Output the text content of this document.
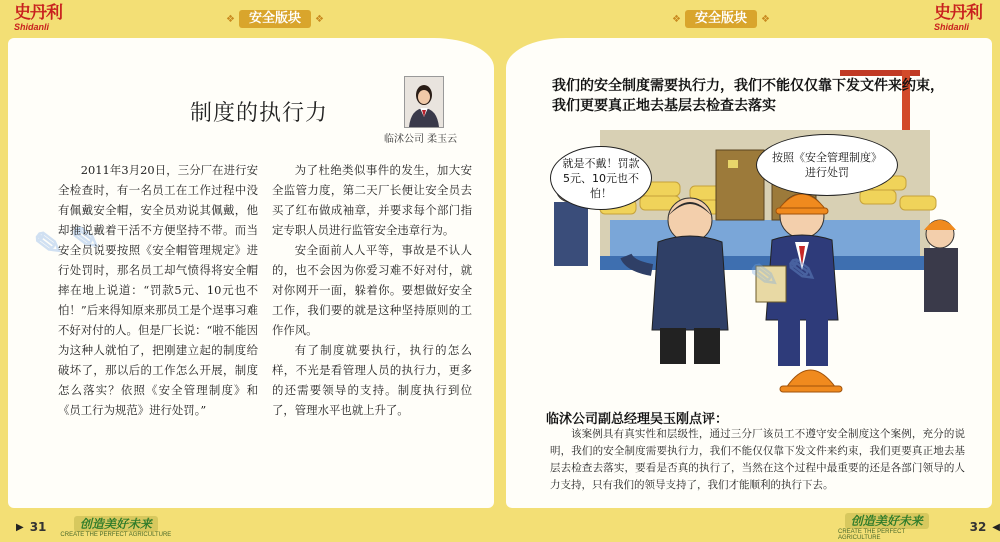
史丹利
Shidanli
❖	安全版块	❖
✎ ✎
制度的执行力
临沭公司 柔玉云

2011年3月20日，三分厂在进行安全检查时，有一名员工在工作过程中没有佩戴安全帽，安全员劝说其佩戴，他却推说戴着干活不方便坚持不带。而当安全员说要按照《安全帽管理规定》进行处罚时，那名员工却气愤得将安全帽摔在地上说道：“罚款5元、10元也不怕！”后来得知原来那员工是个逞事习难不好对付的人。但是厂长说：“啦不能因为这种人就怕了，把刚建立起的制度给破坏了，那以后的工作怎么开展，制度怎么落实？依照《安全管理制度》和《员工行为规范》进行处罚。”

为了杜绝类似事件的发生，加大安全监管力度，第二天厂长便让安全员去买了红布做成袖章，并要求每个部门指定专职人员进行监管安全违章行为。

安全面前人人平等，事故是不认人的，也不会因为你爱习难不好对付，就对你网开一面，躲着你。要想做好安全工作，我们要的就是这种坚持原则的工作作风。

有了制度就要执行，执行的怎么样，不光是看管理人员的执行力，更多的还需要领导的支持。制度执行到位了，管理水平也就上升了。

▶ 31	创造美好未来
CREATE THE PERFECT AGRICULTURE
❖	安全版块	❖	史丹利
Shidanli
我们的安全制度需要执行力，我们不能仅仅靠下发文件来约束，我们更要真正地去基层去检查去落实
就是不戴！罚款5元、10元也不怕！
按照《安全管理制度》进行处罚
✎ ✎
临沭公司副总经理吴玉刚点评：

该案例具有真实性和层级性，通过三分厂该员工不遵守安全制度这个案例，充分的说明，我们的安全制度需要执行力，我们不能仅仅靠下发文件来约束，我们更要真正地去基层去检查去落实，要看是否真的执行了，当然在这个过程中最重要的还是各部门领导的人力支持，只有我们的领导支持了，我们才能顺利的执行下去。

创造美好未来
CREATE THE PERFECT AGRICULTURE
32 ◀
